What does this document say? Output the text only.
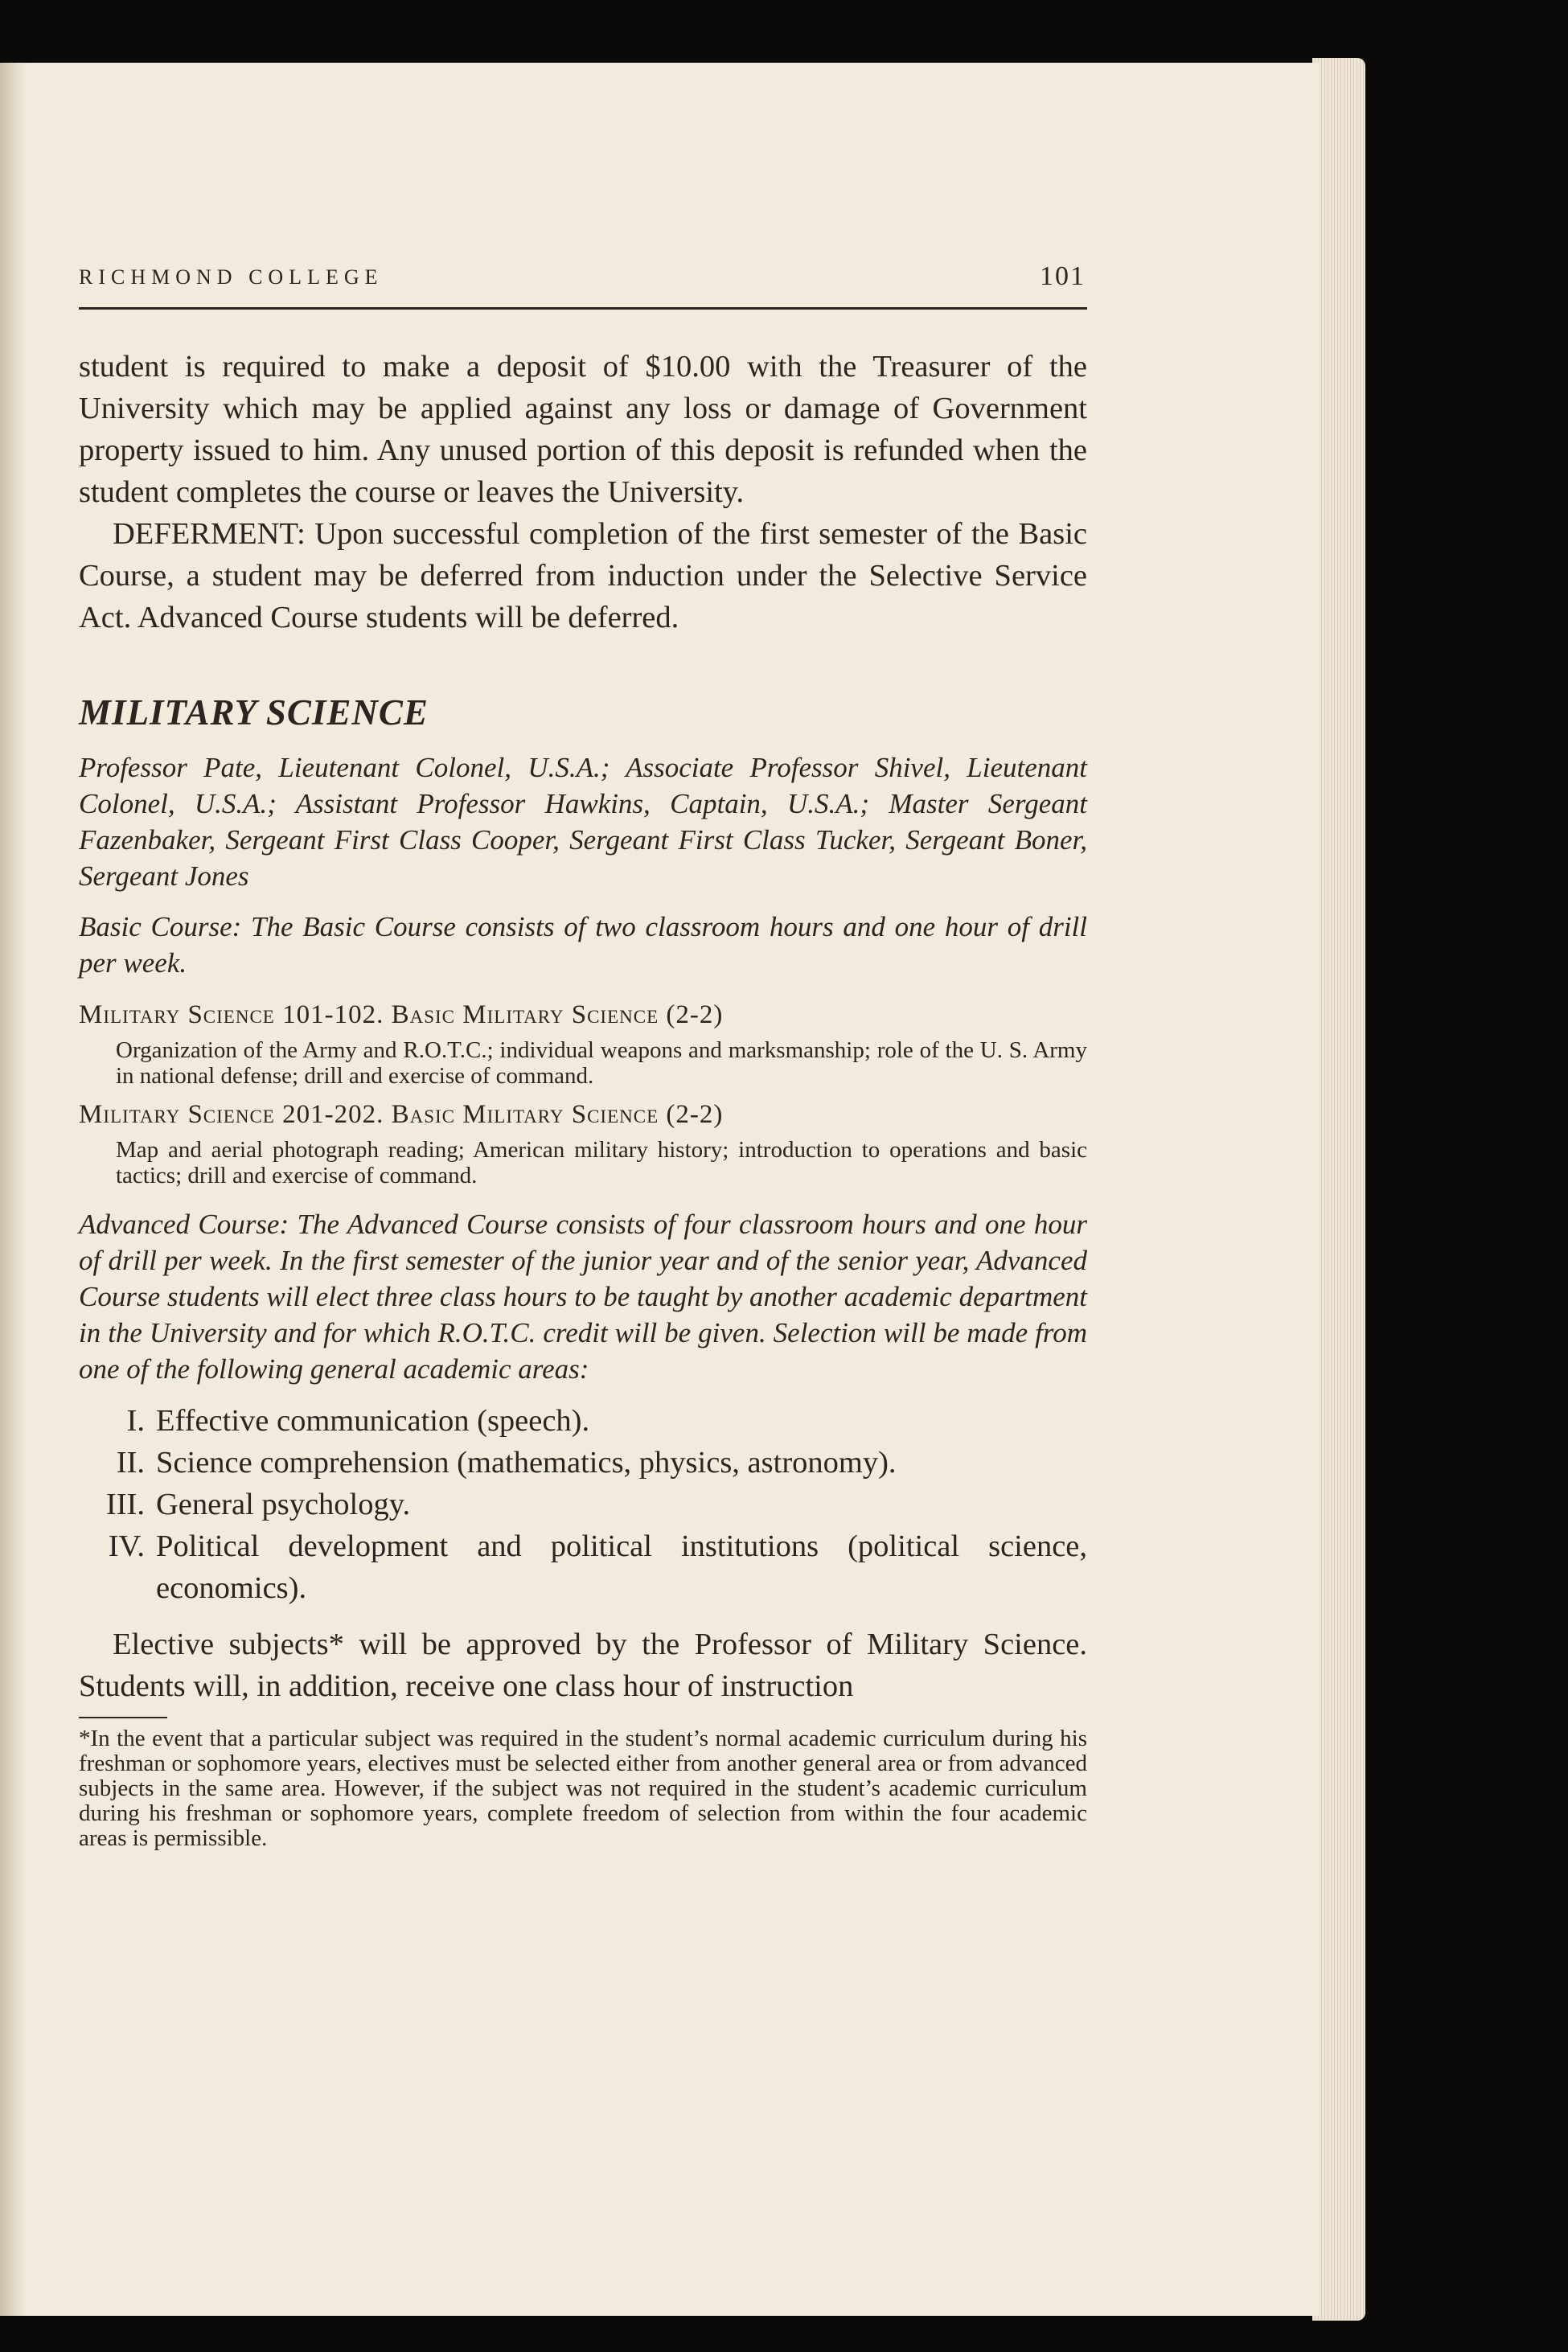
RICHMOND COLLEGE	101

student is required to make a deposit of $10.00 with the Treasurer of the University which may be applied against any loss or damage of Government property issued to him. Any unused portion of this deposit is refunded when the student completes the course or leaves the University.

DEFERMENT: Upon successful completion of the first semester of the Basic Course, a student may be deferred from induction under the Selective Service Act. Advanced Course students will be deferred.

MILITARY SCIENCE

Professor Pate, Lieutenant Colonel, U.S.A.; Associate Professor Shivel, Lieutenant Colonel, U.S.A.; Assistant Professor Hawkins, Captain, U.S.A.; Master Sergeant Fazenbaker, Sergeant First Class Cooper, Sergeant First Class Tucker, Sergeant Boner, Sergeant Jones

Basic Course: The Basic Course consists of two classroom hours and one hour of drill per week.

Military Science 101-102. Basic Military Science (2-2)

Organization of the Army and R.O.T.C.; individual weapons and marksmanship; role of the U. S. Army in national defense; drill and exercise of command.

Military Science 201-202. Basic Military Science (2-2)

Map and aerial photograph reading; American military history; introduction to operations and basic tactics; drill and exercise of command.

Advanced Course: The Advanced Course consists of four classroom hours and one hour of drill per week. In the first semester of the junior year and of the senior year, Advanced Course students will elect three class hours to be taught by another academic department in the University and for which R.O.T.C. credit will be given. Selection will be made from one of the following general academic areas:

I. Effective communication (speech).
II. Science comprehension (mathematics, physics, astronomy).
III. General psychology.
IV. Political development and political institutions (political science, economics).

Elective subjects* will be approved by the Professor of Military Science. Students will, in addition, receive one class hour of instruction

*In the event that a particular subject was required in the student’s normal academic curriculum during his freshman or sophomore years, electives must be selected either from another general area or from advanced subjects in the same area. However, if the subject was not required in the student’s academic curriculum during his freshman or sophomore years, complete freedom of selection from within the four academic areas is permissible.
